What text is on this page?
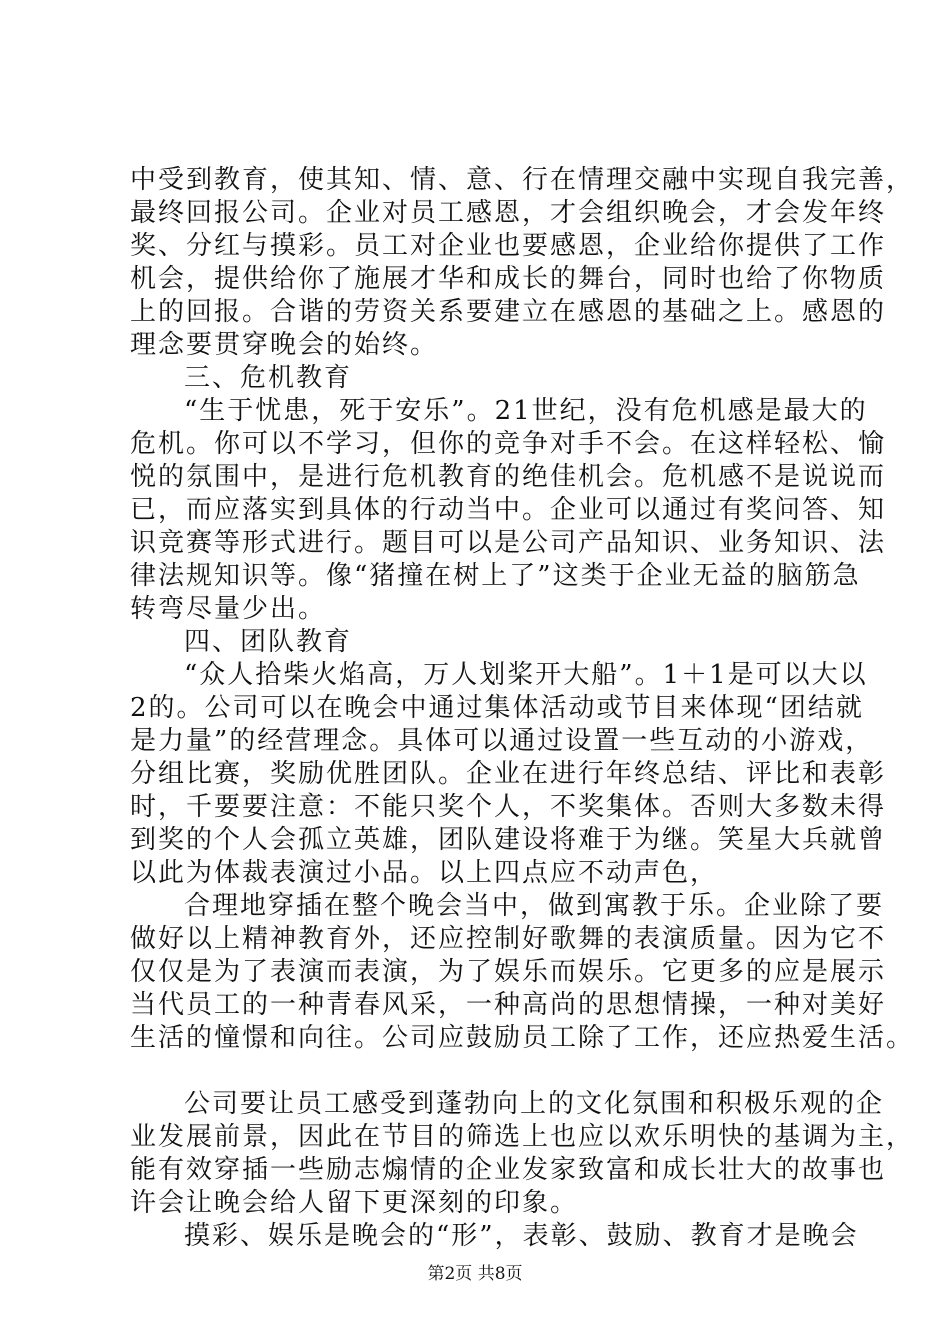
中受到教育，使其知、情、意、行在情理交融中实现自我完善，
最终回报公司。企业对员工感恩，才会组织晚会，才会发年终
奖、分红与摸彩。员工对企业也要感恩，企业给你提供了工作
机会，提供给你了施展才华和成长的舞台，同时也给了你物质
上的回报。合谐的劳资关系要建立在感恩的基础之上。感恩的
理念要贯穿晚会的始终。
三、危机教育
“生于忧患，死于安乐”。21世纪，没有危机感是最大的
危机。你可以不学习，但你的竞争对手不会。在这样轻松、愉
悦的氛围中，是进行危机教育的绝佳机会。危机感不是说说而
已，而应落实到具体的行动当中。企业可以通过有奖问答、知
识竞赛等形式进行。题目可以是公司产品知识、业务知识、法
律法规知识等。像“猪撞在树上了”这类于企业无益的脑筋急
转弯尽量少出。
四、团队教育
“众人拾柴火焰高，万人划桨开大船”。1＋1是可以大以
2的。公司可以在晚会中通过集体活动或节目来体现“团结就
是力量”的经营理念。具体可以通过设置一些互动的小游戏，
分组比赛，奖励优胜团队。企业在进行年终总结、评比和表彰
时，千要要注意：不能只奖个人，不奖集体。否则大多数未得
到奖的个人会孤立英雄，团队建设将难于为继。笑星大兵就曾
以此为体裁表演过小品。以上四点应不动声色，
合理地穿插在整个晚会当中，做到寓教于乐。企业除了要
做好以上精神教育外，还应控制好歌舞的表演质量。因为它不
仅仅是为了表演而表演，为了娱乐而娱乐。它更多的应是展示
当代员工的一种青春风采，一种高尚的思想情操，一种对美好
生活的憧憬和向往。公司应鼓励员工除了工作，还应热爱生活。
公司要让员工感受到蓬勃向上的文化氛围和积极乐观的企
业发展前景，因此在节目的筛选上也应以欢乐明快的基调为主，
能有效穿插一些励志煽情的企业发家致富和成长壮大的故事也
许会让晚会给人留下更深刻的印象。
摸彩、娱乐是晚会的“形”，表彰、鼓励、教育才是晚会
第2页 共8页
